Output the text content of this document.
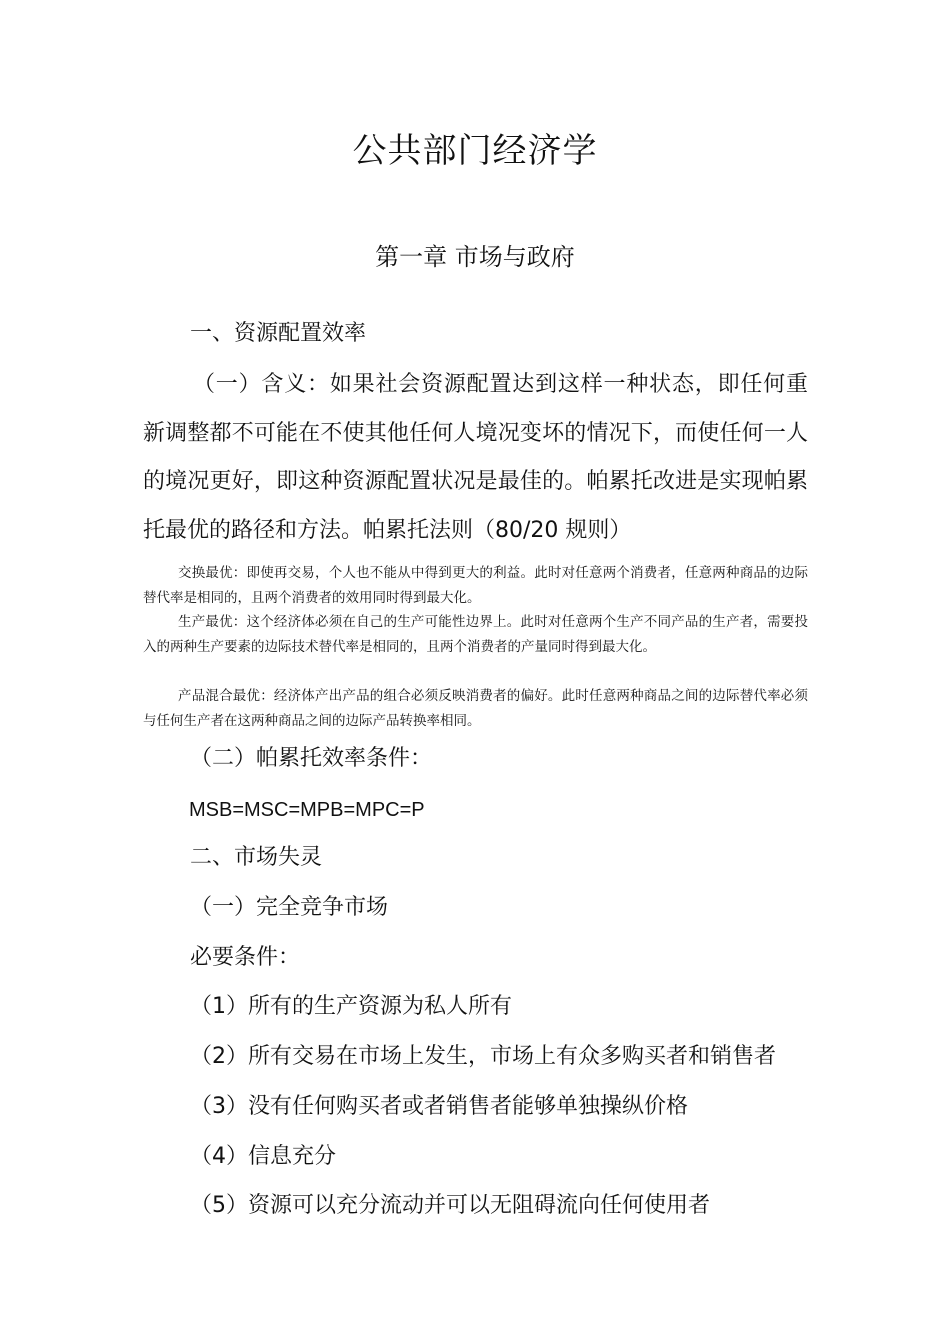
公共部门经济学
第一章 市场与政府
一、资源配置效率

（一）含义：如果社会资源配置达到这样一种状态，即任何重新调整都不可能在不使其他任何人境况变坏的情况下，而使任何一人的境况更好，即这种资源配置状况是最佳的。帕累托改进是实现帕累托最优的路径和方法。帕累托法则（80/20 规则）

交换最优：即使再交易，个人也不能从中得到更大的利益。此时对任意两个消费者，任意两种商品的边际替代率是相同的，且两个消费者的效用同时得到最大化。

生产最优：这个经济体必须在自己的生产可能性边界上。此时对任意两个生产不同产品的生产者，需要投入的两种生产要素的边际技术替代率是相同的，且两个消费者的产量同时得到最大化。

产品混合最优：经济体产出产品的组合必须反映消费者的偏好。此时任意两种商品之间的边际替代率必须与任何生产者在这两种商品之间的边际产品转换率相同。

（二）帕累托效率条件：
MSB=MSC=MPB=MPC=P
二、市场失灵
（一）完全竞争市场
必要条件：
（1）所有的生产资源为私人所有
（2）所有交易在市场上发生，市场上有众多购买者和销售者
（3）没有任何购买者或者销售者能够单独操纵价格
（4）信息充分
（5）资源可以充分流动并可以无阻碍流向任何使用者
